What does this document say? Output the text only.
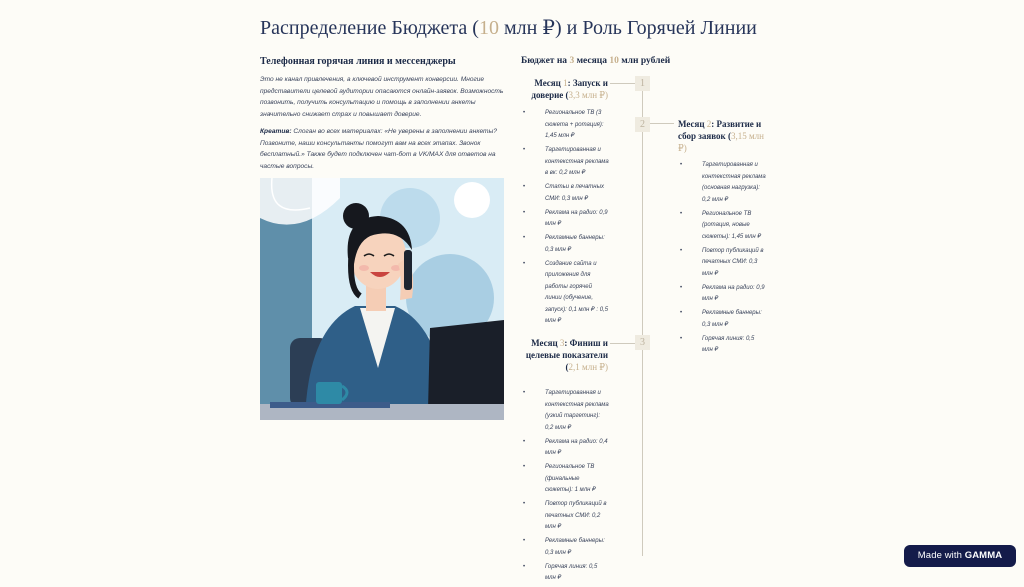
Распределение Бюджета (10 млн ₽) и Роль Горячей Линии
Телефонная горячая линия и мессенджеры
Это не канал привлечения, а ключевой инструмент конверсии. Многие представители целевой аудитории опасаются онлайн-заявок. Возможность позвонить, получить консультацию и помощь в заполнении анкеты значительно снижает страх и повышает доверие.
Креатив: Слоган во всех материалах: «Не уверены в заполнении анкеты? Позвоните, наши консультанты помогут вам на всех этапах. Звонок бесплатный.» Также будет подключен чат-бот в VK/MAX для ответов на частые вопросы.
Бюджет на 3 месяца 10 млн рублей
1
2
3
Месяц 1: Запуск и доверие (3,3 млн ₽)
• Региональное ТВ (3 сюжета + ротация): 1,45 млн ₽
• Таргетированная и контекстная реклама в вк: 0,2 млн ₽
• Статьи в печатных СМИ: 0,3 млн ₽
• Реклама на радио: 0,9 млн ₽
• Рекламные баннеры: 0,3 млн ₽
• Создание сайта и приложения для работы горячей линии (обучение, запуск): 0,1 млн ₽ : 0,5 млн ₽
Месяц 2: Развитие и сбор заявок (3,15 млн ₽)
• Таргетированная и контекстная реклама (основная нагрузка): 0,2 млн ₽
• Региональное ТВ (ротация, новые сюжеты): 1,45 млн ₽
• Повтор публикаций в печатных СМИ: 0,3 млн ₽
• Реклама на радио: 0,9 млн ₽
• Рекламные баннеры: 0,3 млн ₽
• Горячая линия: 0,5 млн ₽
Месяц 3: Финиш и целевые показатели (2,1 млн ₽)
• Таргетированная и контекстная реклама (узкий таргетинг): 0,2 млн ₽
• Реклама на радио: 0,4 млн ₽
• Региональное ТВ (финальные сюжеты): 1 млн ₽
• Повтор публикаций в печатных СМИ: 0,2 млн ₽
• Рекламные баннеры: 0,3 млн ₽
• Горячая линия: 0,5 млн ₽
Made with GAMMA
